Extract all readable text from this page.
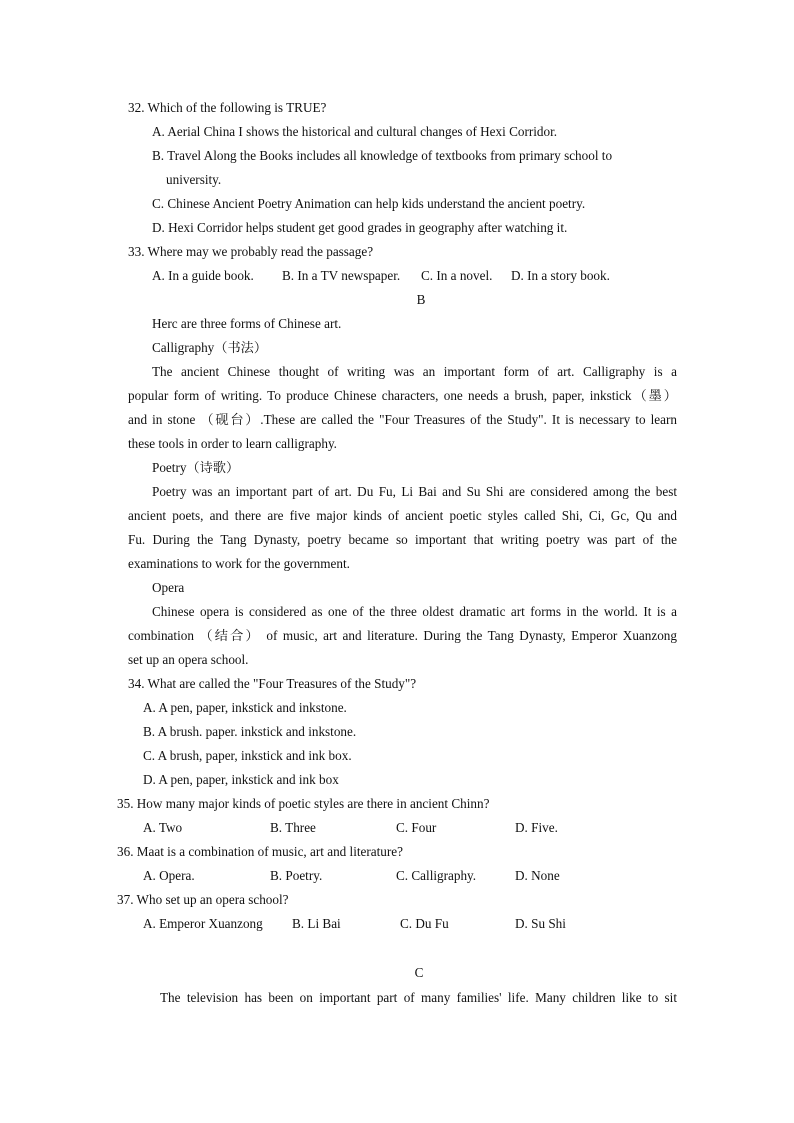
32. Which of the following is TRUE?
A. Aerial China I shows the historical and cultural changes of Hexi Corridor.
B. Travel Along the Books includes all knowledge of textbooks from primary school to
university.
C. Chinese Ancient Poetry Animation can help kids understand the ancient poetry.
D. Hexi Corridor helps student get good grades in geography after watching it.
33. Where may we probably read the passage?
A. In a guide book. B. In a TV newspaper. C. In a novel. D. In a story book.
B
Herc are three forms of Chinese art.
Calligraphy（书法）
The ancient Chinese thought of writing was an important form of art. Calligraphy is a
popular form of writing. To produce Chinese characters, one needs a brush, paper, inkstick（墨）
and in stone （砚台）.These are called the "Four Treasures of the Study". It is necessary to learn
these tools in order to learn calligraphy.
Poetry（诗歌）
Poetry was an important part of art. Du Fu, Li Bai and Su Shi are considered among the best
ancient poets, and there are five major kinds of ancient poetic styles called Shi, Ci, Gc, Qu and
Fu. During the Tang Dynasty, poetry became so important that writing poetry was part of the
examinations to work for the government.
Opera
Chinese opera is considered as one of the three oldest dramatic art forms in the world. It is a
combination （结合） of music, art and literature. During the Tang Dynasty, Emperor Xuanzong
set up an opera school.
34. What are called the "Four Treasures of the Study"?
A. A pen, paper, inkstick and inkstone.
B. A brush. paper. inkstick and inkstone.
C. A brush, paper, inkstick and ink box.
D. A pen, paper, inkstick and ink box
35. How many major kinds of poetic styles are there in ancient Chinn?
A. Two	B. Three	C. Four	D. Five.
36. Maat is a combination of music, art and literature?
A. Opera.	B. Poetry.	C. Calligraphy.	D. None
37. Who set up an opera school?
A. Emperor Xuanzong B. Li Bai	C. Du Fu	D. Su Shi
C
The television has been on important part of many families' life. Many children like to sit
